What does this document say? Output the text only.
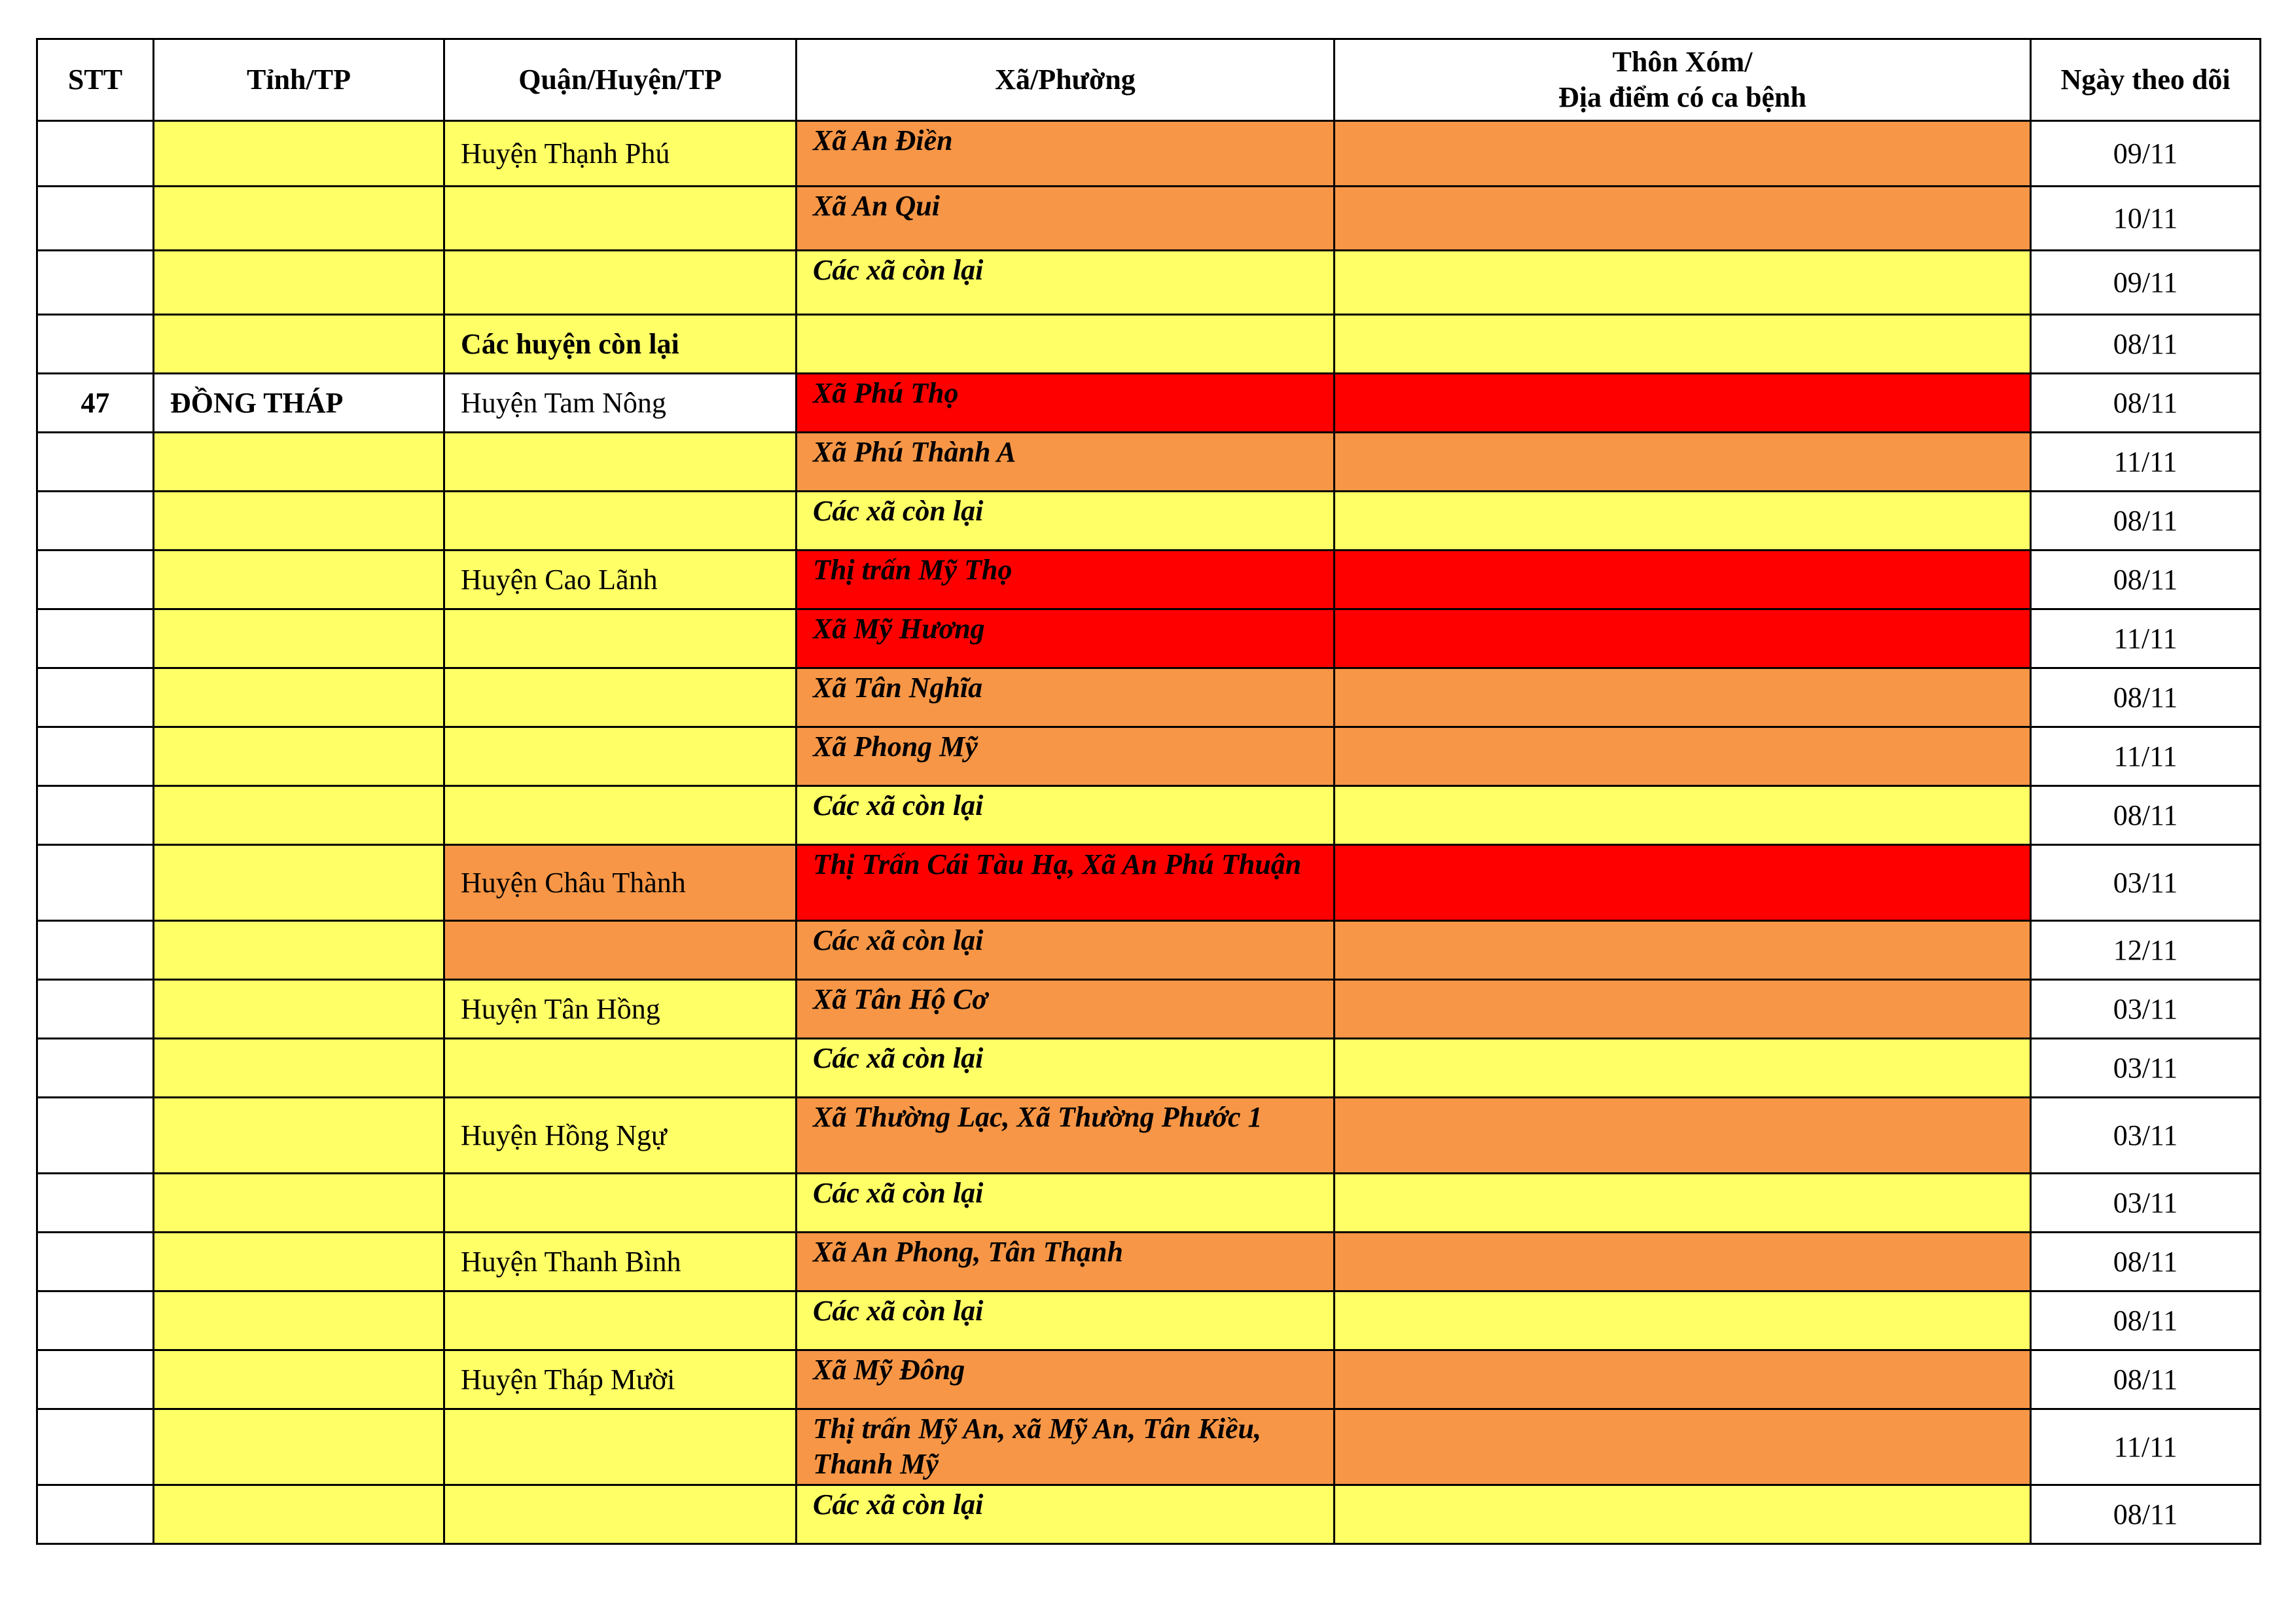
STT	Tỉnh/TP	Quận/Huyện/TP	Xã/Phường	Thôn Xóm/
Địa điểm có ca bệnh	Ngày theo dõi
		Huyện Thạnh Phú	Xã An Điền		09/11
			Xã An Qui		10/11
			Các xã còn lại		09/11
		Các huyện còn lại			08/11
47	ĐỒNG THÁP	Huyện Tam Nông	Xã Phú Thọ		08/11
			Xã Phú Thành A		11/11
			Các xã còn lại		08/11
		Huyện Cao Lãnh	Thị trấn Mỹ Thọ		08/11
			Xã Mỹ Hương		11/11
			Xã Tân Nghĩa		08/11
			Xã Phong Mỹ		11/11
			Các xã còn lại		08/11
		Huyện Châu Thành	Thị Trấn Cái Tàu Hạ, Xã An Phú Thuận		03/11
			Các xã còn lại		12/11
		Huyện Tân Hồng	Xã Tân Hộ Cơ		03/11
			Các xã còn lại		03/11
		Huyện Hồng Ngự	Xã Thường Lạc, Xã Thường Phước 1		03/11
			Các xã còn lại		03/11
		Huyện Thanh Bình	Xã An Phong, Tân Thạnh		08/11
			Các xã còn lại		08/11
		Huyện Tháp Mười	Xã Mỹ Đông		08/11
			Thị trấn Mỹ An, xã Mỹ An, Tân Kiều, Thanh Mỹ		11/11
			Các xã còn lại		08/11
